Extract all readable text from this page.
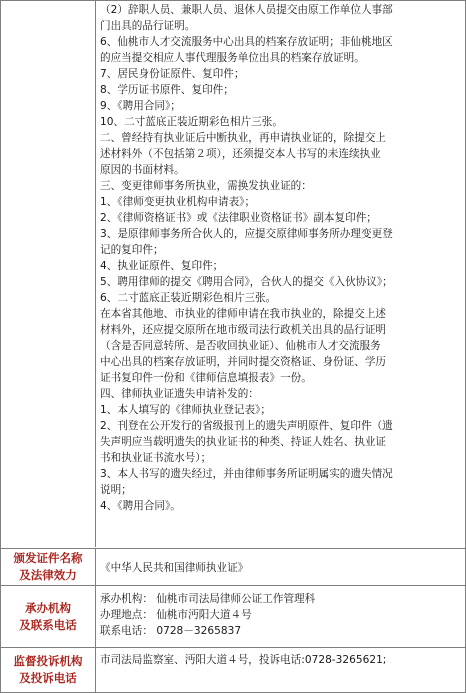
（2）辞职人员、兼职人员、退休人员提交由原工作单位人事部
门出具的品行证明。
6、仙桃市人才交流服务中心出具的档案存放证明；非仙桃地区
的应当提交相应人事代理服务单位出具的档案存放证明。
7、居民身份证原件、复印件；
8、学历证书原件、复印件；
9、《聘用合同》；
10、二寸蓝底正装近期彩色相片三张。
二、曾经持有执业证后中断执业，再申请执业证的，除提交上
述材料外（不包括第２项），还须提交本人书写的未连续执业
原因的书面材料。
三、变更律师事务所执业，需换发执业证的：
1、《律师变更执业机构申请表》；
2、《律师资格证书》或《法律职业资格证书》副本复印件；
3、是原律师事务所合伙人的，应提交原律师事务所办理变更登
记的复印件；
4、执业证原件、复印件；
5、聘用律师的提交《聘用合同》，合伙人的提交《入伙协议》；
6、二寸蓝底正装近期彩色相片三张。
在本省其他地、市执业的律师申请在我市执业的，除提交上述
材料外，还应提交原所在地市级司法行政机关出具的品行证明
（含是否同意转所、是否收回执业证）、仙桃市人才交流服务
中心出具的档案存放证明，并同时提交资格证、身份证、学历
证书复印件一份和《律师信息填报表》一份。
四、律师执业证遗失申请补发的：
1、本人填写的《律师执业登记表》；
2、刊登在公开发行的省级报刊上的遗失声明原件、复印件（遗
失声明应当载明遗失的执业证书的种类、持证人姓名、执业证
书和执业证书流水号）；
3、本人书写的遗失经过，并由律师事务所证明属实的遗失情况
说明；
4、《聘用合同》。
颁发证件名称
及法律效力
《中华人民共和国律师执业证》
承办机构
及联系电话
承办机构： 仙桃市司法局律师公证工作管理科
办理地点： 仙桃市沔阳大道４号
联系电话： 0728－3265837
监督投诉机构
及投诉电话
市司法局监察室、沔阳大道４号，投诉电话:0728-3265621;
